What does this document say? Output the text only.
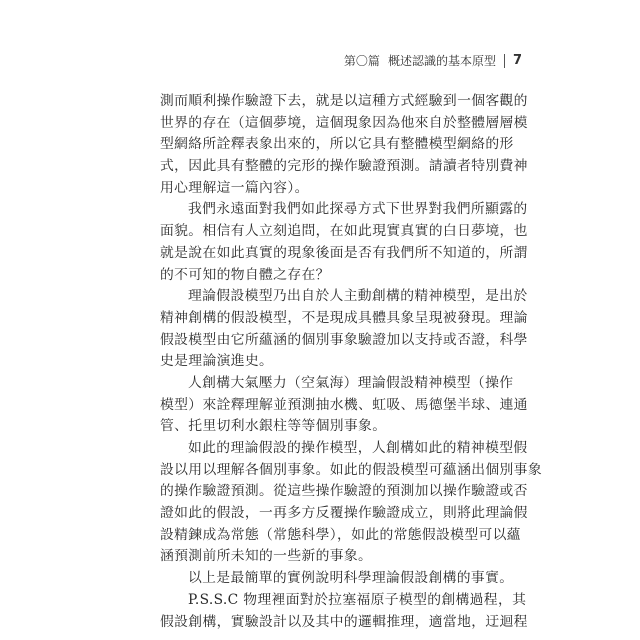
第〇篇 概述認識的基本原型 7
測而順利操作驗證下去，就是以這種方式經驗到一個客觀的
世界的存在（這個夢境，這個現象因為他來自於整體層層模
型網絡所詮釋表象出來的，所以它具有整體模型網絡的形
式，因此具有整體的完形的操作驗證預測。請讀者特別費神
用心理解這一篇內容）。
我們永遠面對我們如此探尋方式下世界對我們所顯露的
面貌。相信有人立刻追問，在如此現實真實的白日夢境，也
就是說在如此真實的現象後面是否有我們所不知道的，所謂
的不可知的物自體之存在？
理論假設模型乃出自於人主動創構的精神模型，是出於
精神創構的假設模型，不是現成具體具象呈現被發現。理論
假設模型由它所蘊涵的個別事象驗證加以支持或否證，科學
史是理論演進史。
人創構大氣壓力（空氣海）理論假設精神模型（操作
模型）來詮釋理解並預測抽水機、虹吸、馬德堡半球、連通
管、托里切利水銀柱等等個別事象。
如此的理論假設的操作模型，人創構如此的精神模型假
設以用以理解各個別事象。如此的假設模型可蘊涵出個別事象
的操作驗證預測。從這些操作驗證的預測加以操作驗證或否
證如此的假設，一再多方反覆操作驗證成立，則將此理論假
設精鍊成為常態（常態科學），如此的常態假設模型可以蘊
涵預測前所未知的一些新的事象。
以上是最簡單的實例說明科學理論假設創構的事實。
P.S.S.C 物理裡面對於拉塞福原子模型的創構過程，其
假設創構，實驗設計以及其中的邏輯推理，適當地，迂迴程
